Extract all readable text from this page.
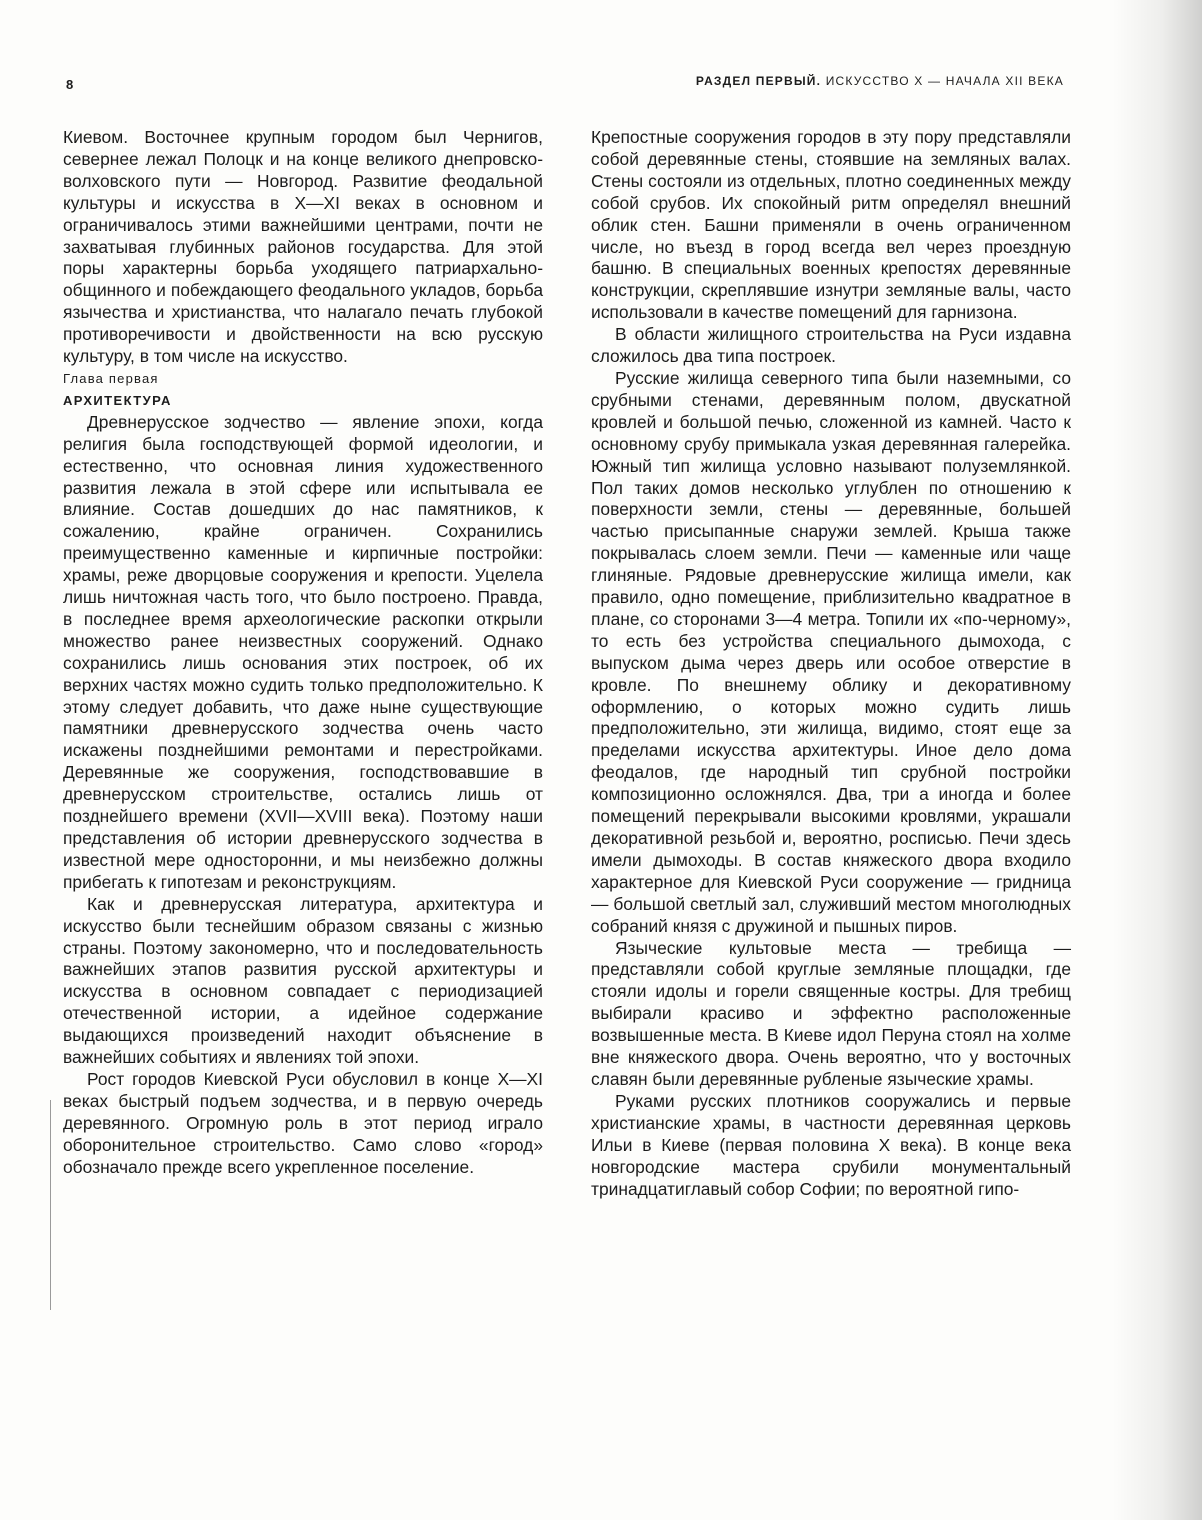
8	РАЗДЕЛ ПЕРВЫЙ. ИСКУССТВО X — НАЧАЛА XII ВЕКА

Киевом. Восточнее крупным городом был Чернигов, севернее лежал Полоцк и на конце великого днепровско-волховского пути — Новгород. Развитие феодальной культуры и искусства в X—XI веках в основном и ограничивалось этими важнейшими центрами, почти не захватывая глубинных районов государства. Для этой поры характерны борьба уходящего патриархально-общинного и побеждающего феодального укладов, борьба язычества и христианства, что налагало печать глубокой противоречивости и двойственности на всю русскую культуру, в том числе на искусство.

Глава первая

АРХИТЕКТУРА

Древнерусское зодчество — явление эпохи, когда религия была господствующей формой идеологии, и естественно, что основная линия художественного развития лежала в этой сфере или испытывала ее влияние. Состав дошедших до нас памятников, к сожалению, крайне ограничен. Сохранились преимущественно каменные и кирпичные постройки: храмы, реже дворцовые сооружения и крепости. Уцелела лишь ничтожная часть того, что было построено. Правда, в последнее время археологические раскопки открыли множество ранее неизвестных сооружений. Однако сохранились лишь основания этих построек, об их верхних частях можно судить только предположительно. К этому следует добавить, что даже ныне существующие памятники древнерусского зодчества очень часто искажены позднейшими ремонтами и перестройками. Деревянные же сооружения, господствовавшие в древнерусском строительстве, остались лишь от позднейшего времени (XVII—XVIII века). Поэтому наши представления об истории древнерусского зодчества в известной мере односторонни, и мы неизбежно должны прибегать к гипотезам и реконструкциям.

Как и древнерусская литература, архитектура и искусство были теснейшим образом связаны с жизнью страны. Поэтому закономерно, что и последовательность важнейших этапов развития русской архитектуры и искусства в основном совпадает с периодизацией отечественной истории, а идейное содержание выдающихся произведений находит объяснение в важнейших событиях и явлениях той эпохи.

Рост городов Киевской Руси обусловил в конце X—XI веках быстрый подъем зодчества, и в первую очередь деревянного. Огромную роль в этот период играло оборонительное строительство. Само слово «город» обозначало прежде всего укрепленное поселение.

Крепостные сооружения городов в эту пору представляли собой деревянные стены, стоявшие на земляных валах. Стены состояли из отдельных, плотно соединенных между собой срубов. Их спокойный ритм определял внешний облик стен. Башни применяли в очень ограниченном числе, но въезд в город всегда вел через проездную башню. В специальных военных крепостях деревянные конструкции, скреплявшие изнутри земляные валы, часто использовали в качестве помещений для гарнизона.

В области жилищного строительства на Руси издавна сложилось два типа построек.

Русские жилища северного типа были наземными, со срубными стенами, деревянным полом, двускатной кровлей и большой печью, сложенной из камней. Часто к основному срубу примыкала узкая деревянная галерейка. Южный тип жилища условно называют полуземлянкой. Пол таких домов несколько углублен по отношению к поверхности земли, стены — деревянные, большей частью присыпанные снаружи землей. Крыша также покрывалась слоем земли. Печи — каменные или чаще глиняные. Рядовые древнерусские жилища имели, как правило, одно помещение, приблизительно квадратное в плане, со сторонами 3—4 метра. Топили их «по-черному», то есть без устройства специального дымохода, с выпуском дыма через дверь или особое отверстие в кровле. По внешнему облику и декоративному оформлению, о которых можно судить лишь предположительно, эти жилища, видимо, стоят еще за пределами искусства архитектуры. Иное дело дома феодалов, где народный тип срубной постройки композиционно осложнялся. Два, три а иногда и более помещений перекрывали высокими кровлями, украшали декоративной резьбой и, вероятно, росписью. Печи здесь имели дымоходы. В состав княжеского двора входило характерное для Киевской Руси сооружение — гридница — большой светлый зал, служивший местом многолюдных собраний князя с дружиной и пышных пиров.

Языческие культовые места — требища — представляли собой круглые земляные площадки, где стояли идолы и горели священные костры. Для требищ выбирали красиво и эффектно расположенные возвышенные места. В Киеве идол Перуна стоял на холме вне княжеского двора. Очень вероятно, что у восточных славян были деревянные рубленые языческие храмы.

Руками русских плотников сооружались и первые христианские храмы, в частности деревянная церковь Ильи в Киеве (первая половина X века). В конце века новгородские мастера срубили монументальный тринадцатиглавый собор Софии; по вероятной гипо-
